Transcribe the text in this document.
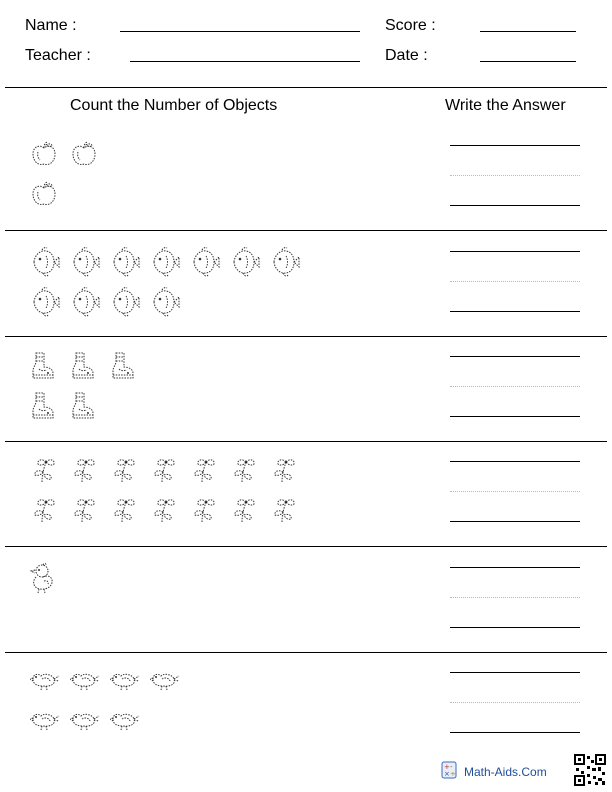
Name :	Score :
Teacher :	Date :
Count the Number of Objects	Write the Answer
+ -
× ÷ Math-Aids.Com
